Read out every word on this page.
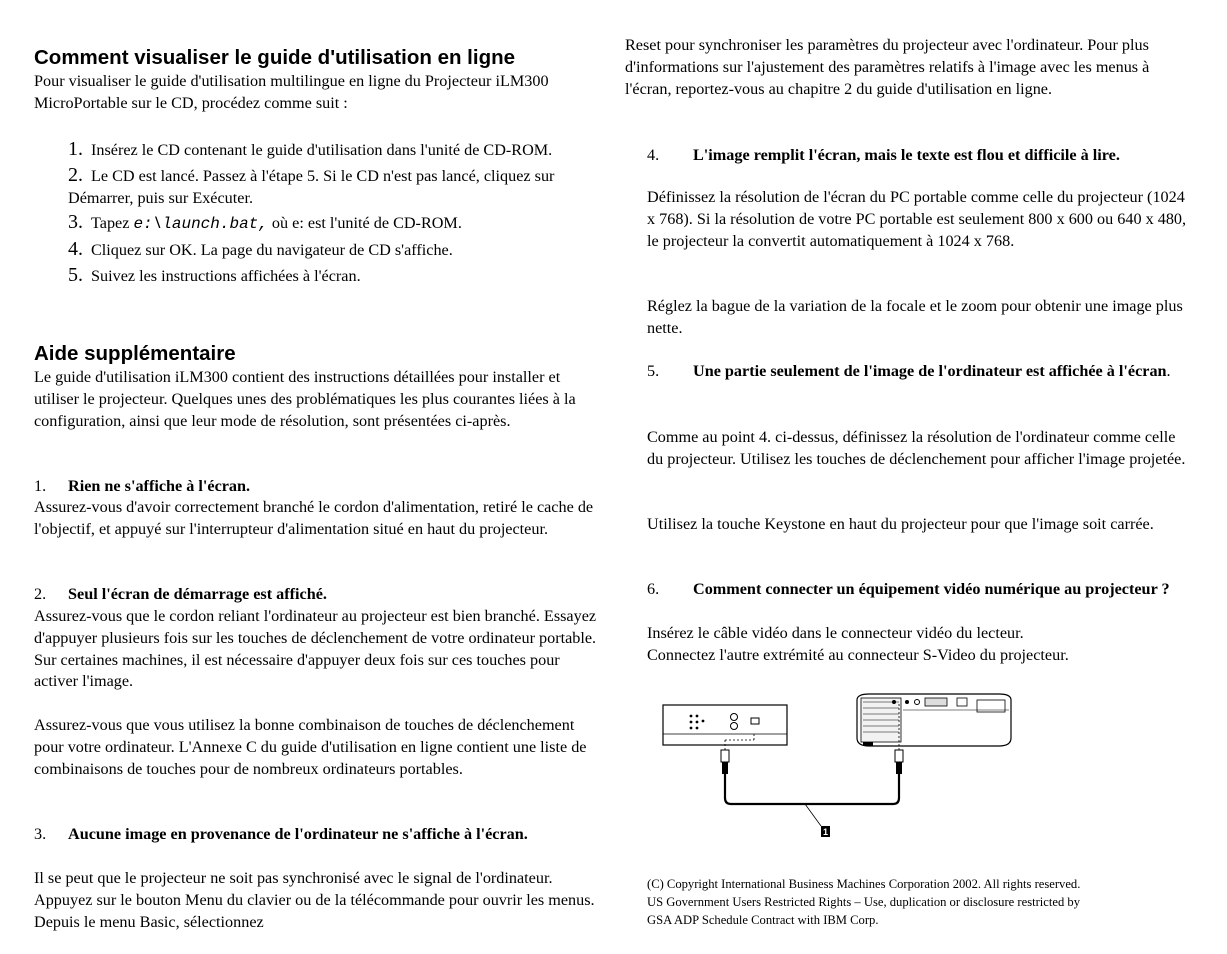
Comment visualiser le guide d'utilisation en ligne

Pour visualiser le guide d'utilisation multilingue en ligne du Projecteur iLM300 MicroPortable sur le CD, procédez comme suit :

1. Insérez le CD contenant le guide d'utilisation dans l'unité de CD-ROM.
2. Le CD est lancé. Passez à l'étape 5. Si le CD n'est pas lancé, cliquez sur Démarrer, puis sur Exécuter.
3. Tapez e:\launch.bat, où e: est l'unité de CD-ROM.
4. Cliquez sur OK. La page du navigateur de CD s'affiche.
5. Suivez les instructions affichées à l'écran.
Aide supplémentaire

Le guide d'utilisation iLM300 contient des instructions détaillées pour installer et utiliser le projecteur. Quelques unes des problématiques les plus courantes liées à la configuration, ainsi que leur mode de résolution, sont présentées ci-après.

1. Rien ne s'affiche à l'écran.

Assurez-vous d'avoir correctement branché le cordon d'alimentation, retiré le cache de l'objectif, et appuyé sur l'interrupteur d'alimentation situé en haut du projecteur.

2. Seul l'écran de démarrage est affiché.

Assurez-vous que le cordon reliant l'ordinateur au projecteur est bien branché. Essayez d'appuyer plusieurs fois sur les touches de déclenchement de votre ordinateur portable. Sur certaines machines, il est nécessaire d'appuyer deux fois sur ces touches pour activer l'image.

Assurez-vous que vous utilisez la bonne combinaison de touches de déclenchement pour votre ordinateur. L'Annexe C du guide d'utilisation en ligne contient une liste de combinaisons de touches pour de nombreux ordinateurs portables.

3. Aucune image en provenance de l'ordinateur ne s'affiche à l'écran.

Il se peut que le projecteur ne soit pas synchronisé avec le signal de l'ordinateur. Appuyez sur le bouton Menu du clavier ou de la télécommande pour ouvrir les menus. Depuis le menu Basic, sélectionnez

Reset pour synchroniser les paramètres du projecteur avec l'ordinateur. Pour plus d'informations sur l'ajustement des paramètres relatifs à l'image avec les menus à l'écran, reportez-vous au chapitre 2 du guide d'utilisation en ligne.

4. L'image remplit l'écran, mais le texte est flou et difficile à lire.

Définissez la résolution de l'écran du PC portable comme celle du projecteur (1024 x 768). Si la résolution de votre PC portable est seulement 800 x 600 ou 640 x 480, le projecteur la convertit automatiquement à 1024 x 768.

Réglez la bague de la variation de la focale et le zoom pour obtenir une image plus nette.

5. Une partie seulement de l'image de l'ordinateur est affichée à l'écran.

Comme au point 4. ci-dessus, définissez la résolution de l'ordinateur comme celle du projecteur. Utilisez les touches de déclenchement pour afficher l'image projetée.

Utilisez la touche Keystone en haut du projecteur pour que l'image soit carrée.

6. Comment connecter un équipement vidéo numérique au projecteur ?

Insérez le câble vidéo dans le connecteur vidéo du lecteur.

Connectez l'autre extrémité au connecteur S-Video du projecteur.

1

(C) Copyright International Business Machines Corporation 2002. All rights reserved.

US Government Users Restricted Rights – Use, duplication or disclosure restricted by

GSA ADP Schedule Contract with IBM Corp.
